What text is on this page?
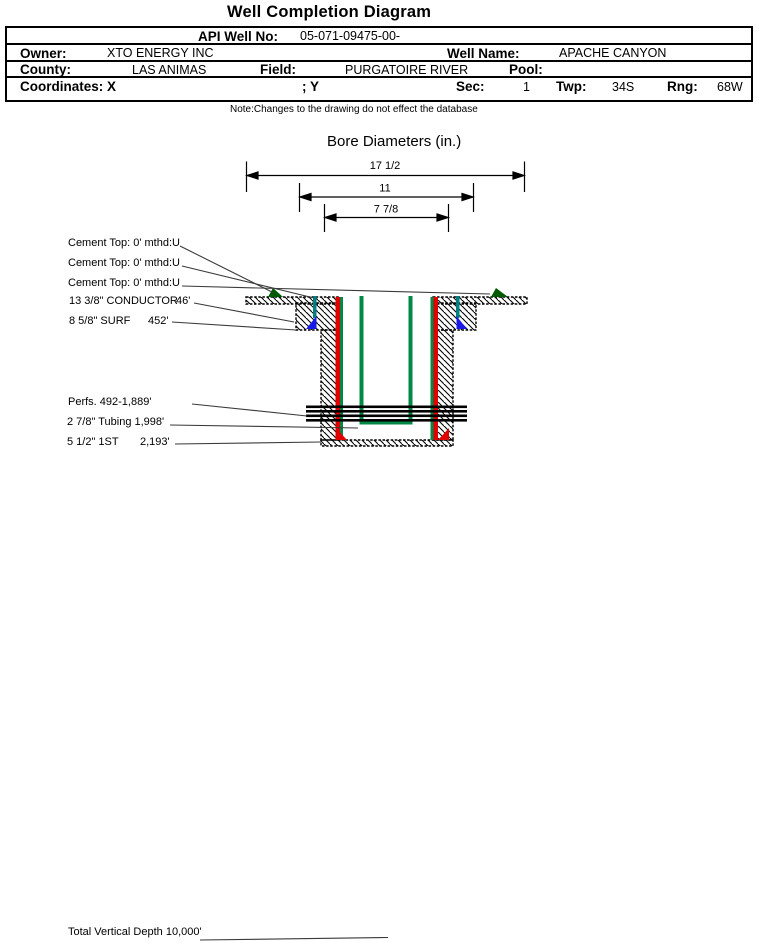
Well Completion Diagram
API Well No: 05-071-09475-00-
Owner:	XTO ENERGY INC	Well Name:	APACHE CANYON
County:	LAS ANIMAS	Field:	PURGATOIRE RIVER	Pool:
Coordinates: X	; Y	Sec:	1 Twp: 34S Rng: 68W
Note:Changes to the drawing do not effect the database
Bore Diameters (in.)
17 1/2
11
7 7/8
Cement Top: 0' mthd:U
Cement Top: 0' mthd:U
Cement Top: 0' mthd:U
13 3/8" CONDUCTOR
46'
8 5/8" SURF 452'
Perfs. 492-1,889'
2 7/8" Tubing 1,998'
5 1/2" 1ST 2,193'
Total Vertical Depth 10,000'
